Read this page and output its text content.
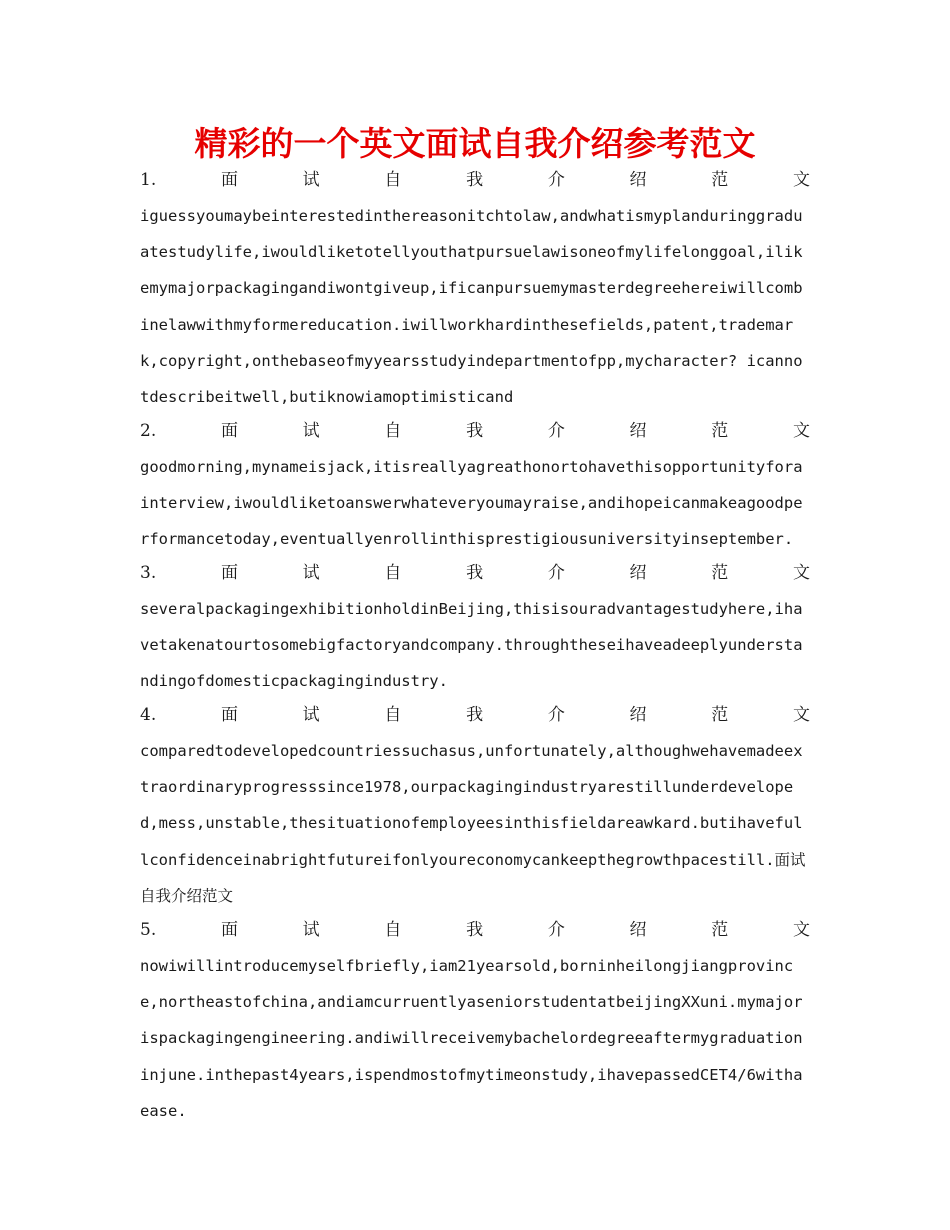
精彩的一个英文面试自我介绍参考范文
1.	面	试	自	我	介	绍	范	文
iguessyoumaybeinterestedinthereasonitchtolaw,andwhatismyplanduringgraduatestudylife,iwouldliketotellyouthatpursuelawisoneofmylifelonggoal,ilikemymajorpackagingandiwontgiveup,ificanpursuemymasterdegreehereiwillcombinelawwithmyformereducation.iwillworkhardinthesefields,patent,trademark,copyright,onthebaseofmyyearsstudyindepartmentofpp,mycharacter? icannotdescribeitwell,butiknowiamoptimisticand
2.	面	试	自	我	介	绍	范	文
goodmorning,mynameisjack,itisreallyagreathonortohavethisopportunityforainterview,iwouldliketoanswerwhateveryoumayraise,andihopeicanmakeagoodperformancetoday,eventuallyenrollinthisprestigiousuniversityinseptember.
3.	面	试	自	我	介	绍	范	文
severalpackagingexhibitionholdinBeijing,thisisouradvantagestudyhere,ihavetakenatourtosomebigfactoryandcompany.throughtheseihaveadeeplyunderstandingofdomesticpackagingindustry.
4.	面	试	自	我	介	绍	范	文
comparedtodevelopedcountriessuchasus,unfortunately,althoughwehavemadeextraordinaryprogresssince1978,ourpackagingindustryarestillunderdeveloped,mess,unstable,thesituationofemployeesinthisfieldareawkard.butihavefullconfidenceinabrightfutureifonlyoureconomycankeepthegrowthpacestill.面试自我介绍范文
5.	面	试	自	我	介	绍	范	文
nowiwillintroducemyselfbriefly,iam21yearsold,borninheilongjiangprovince,northeastofchina,andiamcurruentlyaseniorstudentatbeijingXXuni.mymajorispackagingengineering.andiwillreceivemybachelordegreeaftermygraduationinjune.inthepast4years,ispendmostofmytimeonstudy,ihavepassedCET4/6withaease.
